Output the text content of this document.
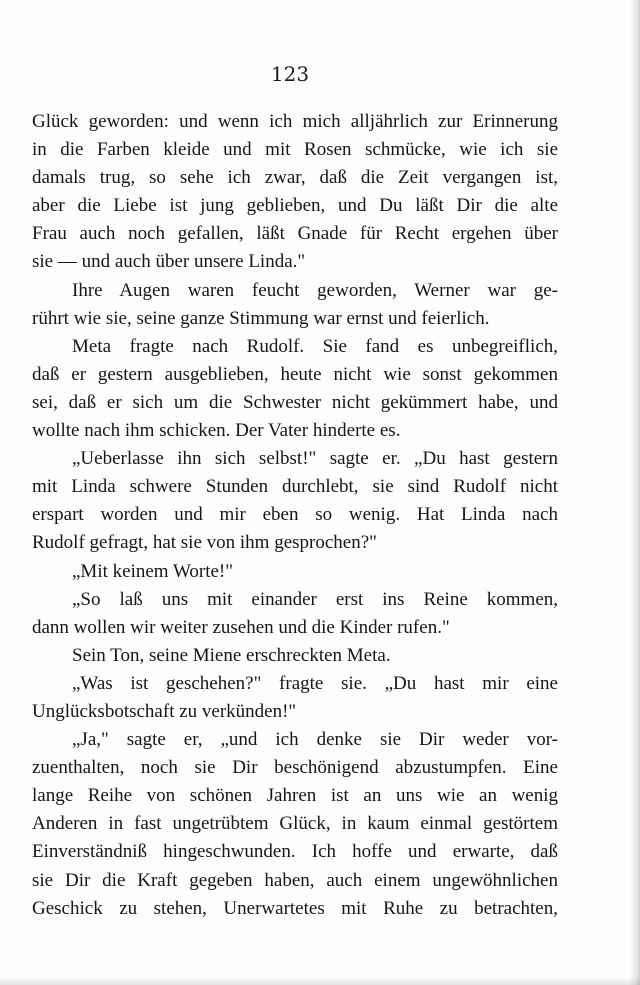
123
Glück geworden: und wenn ich mich alljährlich zur Erinnerung
in die Farben kleide und mit Rosen schmücke, wie ich sie
damals trug, so sehe ich zwar, daß die Zeit vergangen ist,
aber die Liebe ist jung geblieben, und Du läßt Dir die alte
Frau auch noch gefallen, läßt Gnade für Recht ergehen über
sie — und auch über unsere Linda."
Ihre Augen waren feucht geworden, Werner war ge-
rührt wie sie, seine ganze Stimmung war ernst und feierlich.
Meta fragte nach Rudolf. Sie fand es unbegreiflich,
daß er gestern ausgeblieben, heute nicht wie sonst gekommen
sei, daß er sich um die Schwester nicht gekümmert habe, und
wollte nach ihm schicken. Der Vater hinderte es.
„Ueberlasse ihn sich selbst!" sagte er. „Du hast gestern
mit Linda schwere Stunden durchlebt, sie sind Rudolf nicht
erspart worden und mir eben so wenig. Hat Linda nach
Rudolf gefragt, hat sie von ihm gesprochen?"
„Mit keinem Worte!"
„So laß uns mit einander erst ins Reine kommen,
dann wollen wir weiter zusehen und die Kinder rufen."
Sein Ton, seine Miene erschreckten Meta.
„Was ist geschehen?" fragte sie. „Du hast mir eine
Unglücksbotschaft zu verkünden!"
„Ja," sagte er, „und ich denke sie Dir weder vor-
zuenthalten, noch sie Dir beschönigend abzustumpfen. Eine
lange Reihe von schönen Jahren ist an uns wie an wenig
Anderen in fast ungetrübtem Glück, in kaum einmal gestörtem
Einverständniß hingeschwunden. Ich hoffe und erwarte, daß
sie Dir die Kraft gegeben haben, auch einem ungewöhnlichen
Geschick zu stehen, Unerwartetes mit Ruhe zu betrachten,
